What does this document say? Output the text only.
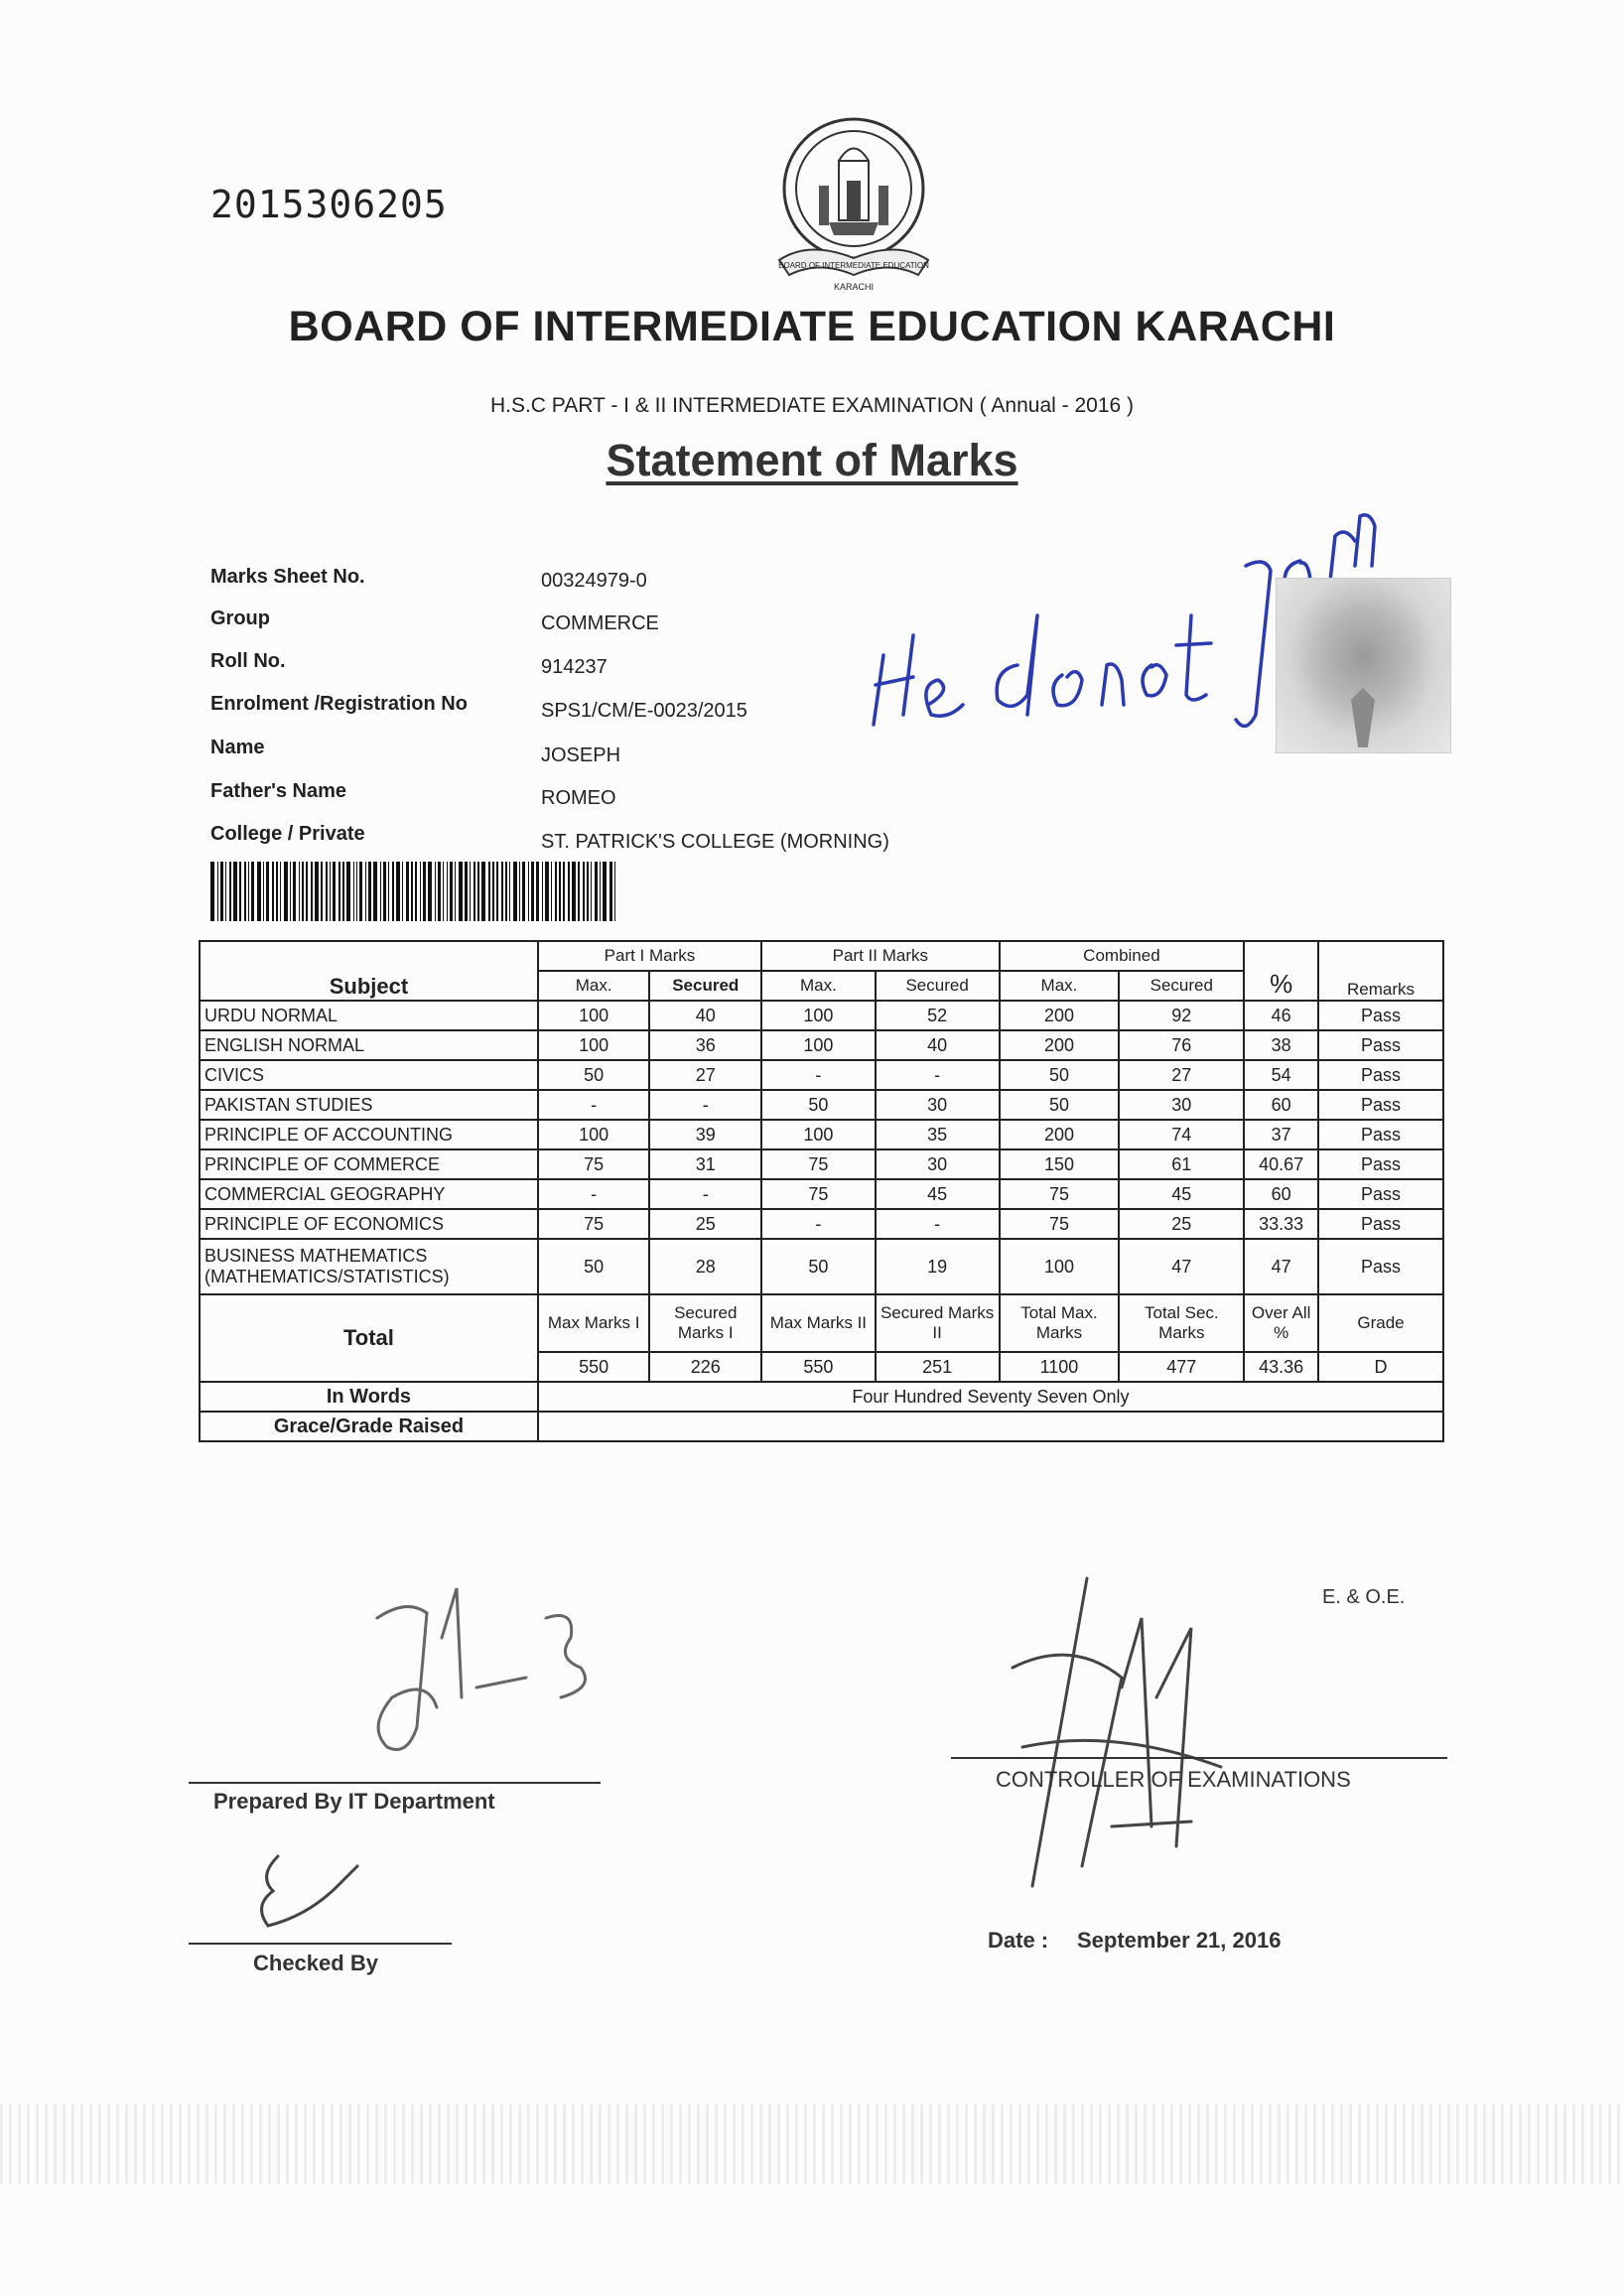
2015306205
BOARD OF INTERMEDIATE EDUCATION
KARACHI
BOARD OF INTERMEDIATE EDUCATION KARACHI
H.S.C PART - I & II INTERMEDIATE EXAMINATION ( Annual - 2016 )
Statement of Marks
Marks Sheet No.	00324979-0
Group	COMMERCE
Roll No.	914237
Enrolment /Registration No	SPS1/CM/E-0023/2015
Name	JOSEPH
Father's Name	ROMEO
College / Private	ST. PATRICK'S COLLEGE (MORNING)
Subject	Part I Marks		Part II Marks		Combined		%	Remarks
	Max.	Secured	Max.	Secured	Max.	Secured		
URDU NORMAL	100	40	100	52	200	92	46	Pass
ENGLISH NORMAL	100	36	100	40	200	76	38	Pass
CIVICS	50	27	-	-	50	27	54	Pass
PAKISTAN STUDIES	-	-	50	30	50	30	60	Pass
PRINCIPLE OF ACCOUNTING	100	39	100	35	200	74	37	Pass
PRINCIPLE OF COMMERCE	75	31	75	30	150	61	40.67	Pass
COMMERCIAL GEOGRAPHY	-	-	75	45	75	45	60	Pass
PRINCIPLE OF ECONOMICS	75	25	-	-	75	25	33.33	Pass
BUSINESS MATHEMATICS (MATHEMATICS/STATISTICS)	50	28	50	19	100	47	47	Pass
Total	Max Marks I	Secured Marks I	Max Marks II	Secured Marks II	Total Max. Marks	Total Sec. Marks	Over All %	Grade
	550	226	550	251	1100	477	43.36	D
In Words	Four Hundred Seventy Seven Only							
Grace/Grade Raised								
E. & O.E.
Prepared By IT Department
CONTROLLER OF EXAMINATIONS
Checked By
Date : September 21, 2016
